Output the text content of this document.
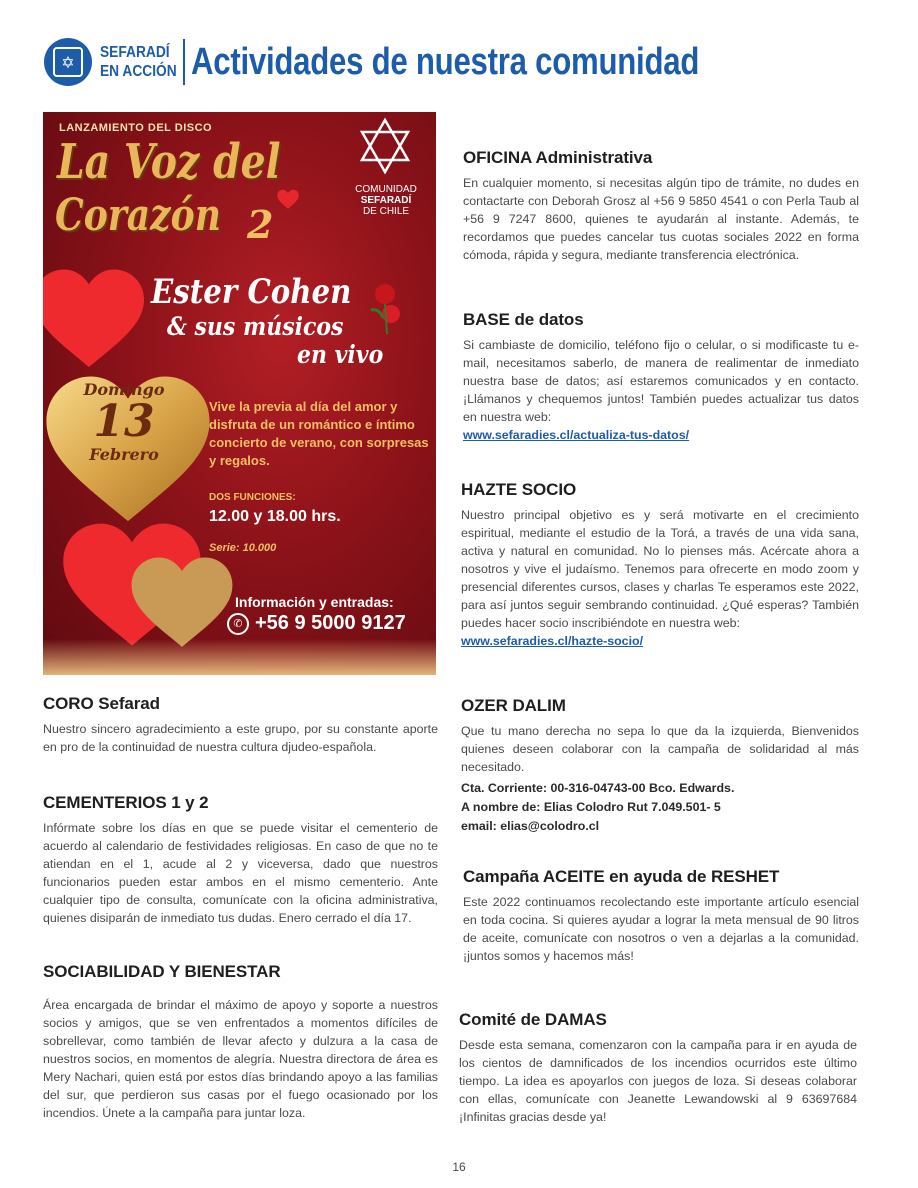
✡	SEFARADÍ
EN ACCIÓN Actividades de nuestra comunidad
LANZAMIENTO DEL DISCO
La Voz del
Corazón 2
COMUNIDAD
SEFARADÍ
DE CHILE
Ester Cohen
& sus músicos
en vivo
Domingo
13
Febrero
Vive la previa al día del amor y disfruta de un romántico e íntimo concierto de verano, con sorpresas y regalos.
DOS FUNCIONES:
12.00 y 18.00 hrs.
Serie: 10.000
Información y entradas:
✆ +56 9 5000 9127
CORO Sefarad

Nuestro sincero agradecimiento a este grupo, por su constante aporte en pro de la continuidad de nuestra cultura djudeo-española.

CEMENTERIOS 1 y 2

Infórmate sobre los días en que se puede visitar el cementerio de acuerdo al calendario de festividades religiosas. En caso de que no te atiendan en el 1, acude al 2 y viceversa, dado que nuestros funcionarios pueden estar ambos en el mismo cementerio. Ante cualquier tipo de consulta, comunícate con la oficina administrativa, quienes disiparán de inmediato tus dudas. Enero cerrado el día 17.

SOCIABILIDAD Y BIENESTAR

Área encargada de brindar el máximo de apoyo y soporte a nuestros socios y amigos, que se ven enfrentados a momentos difíciles de sobrellevar, como también de llevar afecto y dulzura a la casa de nuestros socios, en momentos de alegría. Nuestra directora de área es Mery Nachari, quien está por estos días brindando apoyo a las familias del sur, que perdieron sus casas por el fuego ocasionado por los incendios. Únete a la campaña para juntar loza.

OFICINA Administrativa

En cualquier momento, si necesitas algún tipo de trámite, no dudes en contactarte con Deborah Grosz al +56 9 5850 4541 o con Perla Taub al +56 9 7247 8600, quienes te ayudarán al instante. Además, te recordamos que puedes cancelar tus cuotas sociales 2022 en forma cómoda, rápida y segura, mediante transferencia electrónica.

BASE de datos

Si cambiaste de domicilio, teléfono fijo o celular, o si modificaste tu e-mail, necesitamos saberlo, de manera de realimentar de inmediato nuestra base de datos; así estaremos comunicados y en contacto. ¡Llámanos y chequemos juntos! También puedes actualizar tus datos en nuestra web:

www.sefaradies.cl/actualiza-tus-datos/
HAZTE SOCIO

Nuestro principal objetivo es y será motivarte en el crecimiento espiritual, mediante el estudio de la Torá, a través de una vida sana, activa y natural en comunidad. No lo pienses más. Acércate ahora a nosotros y vive el judaísmo. Tenemos para ofrecerte en modo zoom y presencial diferentes cursos, clases y charlas Te esperamos este 2022, para así juntos seguir sembrando continuidad. ¿Qué esperas? También puedes hacer socio inscribiéndote en nuestra web:

www.sefaradies.cl/hazte-socio/
OZER DALIM

Que tu mano derecha no sepa lo que da la izquierda, Bienvenidos quienes deseen colaborar con la campaña de solidaridad al más necesitado.

Cta. Corriente: 00-316-04743-00 Bco. Edwards.
A nombre de: Elias Colodro Rut 7.049.501- 5
email: elias@colodro.cl
Campaña ACEITE en ayuda de RESHET

Este 2022 continuamos recolectando este importante artículo esencial en toda cocina. Si quieres ayudar a lograr la meta mensual de 90 litros de aceite, comunícate con nosotros o ven a dejarlas a la comunidad. ¡juntos somos y hacemos más!

Comité de DAMAS

Desde esta semana, comenzaron con la campaña para ir en ayuda de los cientos de damnificados de los incendios ocurridos este último tiempo. La idea es apoyarlos con juegos de loza. Si deseas colaborar con ellas, comunícate con Jeanette Lewandowski al 9 63697684 ¡Infinitas gracias desde ya!

16
